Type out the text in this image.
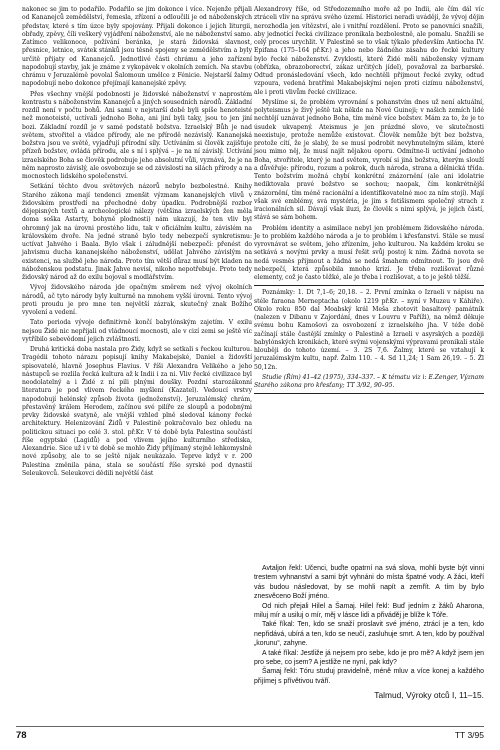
nakonec se jim to podařilo. Podařilo se jim dokonce i více. Nejenže přijali od Kananejců zemědělství, řemesla, zřízení a odloučili je od náboženských představ, které s tím úzce byly spojovány. Přijali dokonce i jejich liturgii, obřady, zpěvy, číli veškerý vyjádření náboženství, ale ne náboženství samo. Zatímco velikonoce, požívání beránka, je stará židovská slavnost, přesnice, letnice, svátek stánků jsou těsně spojeny se zemědělstvím a byly určitě přijaty od Kananejců. Jednotlivé části chrámu a jeho zařízení napodobují stavby, jak je známe z vykopávek v okolních zemích. Na stavbu chrámu v Jeruzalémě povolal Šalomoun umělce z Fénicie. Nejstarší žalmy napodobují nebo dokonce přejímají kananejské zpěvy.

Přes všechny vnější podobnosti je židovské náboženství v naprostém kontrastu s náboženstvím Kananejců a jiných sousedních národů. Základní rozdíl není v počtu bohů. Ani sami v nejstarší době byli spíše henoteisté než monoteisté, uctívali jednoho Boha, ani jiní byli taky, jsou to jen jiní bozi. Základní rozdíl je v samé podstatě božstva. Izraelský Bůh je nad světem, stvořitel a vládce přírody, ale ne přírodě nezávislý. Kananejská božstva jsou ve světě, vyjadřují přírodní síly. Uctíváním si člověk zajišťuje přízeň božstev, ovládá přírodu, ale s ní i splývá – je na ní závislý. Uctívání izraelského Boha se člověk podrobuje jeho absolutní vůli, vyznává, že je na něm naprosto závislý, ale osvobozuje se od závislosti na silách přírody a na mocnostech lidského společenství.

Setkání těchto dvou světových názorů nebylo bezbolestné. Knihy Starého zákona mají tendenci zmenšit výzmam kananejských vlivů v židovském prostředí na přechodné doby úpadku. Podrobnější rozbor dějepisných textů a archeologické nálezy (většina izraelských žen měla doma soška Astarty, bohyně plodnosti) nám ukazují, že ten vliv byl ohromný jak na úrovni prostého lidu, tak v oficiálním kultu, závislém na královském dvoře. Na jedné straně bylo tedy nebezpečí synkretismu: uctívat Jahvého i Baala. Bylo však i záludnější nebezpečí: přenést do jahvismu ducha kananejského náboženství, udělat Jahvého závislým na existenci, na službě jeho národa. Proto tím větší důraz musí být kladen na náboženskou podstatu. Jinak Jahve nevisí, nikoho nepotřebuje. Proto tedy židovský národ až do exilu bojoval s modlářstvím.

Vývoj židovského národa jde opačným směrem než vývoj okolních národů, ač tyto národy byly kulturně na mnohem vyšší úrovni. Tento vývoj proti proudu je pro mne ten největší zázrak, skutečný znak Božího vyvolení a vedení.

Tato perioda vývoje definitivně končí babylónským zajetím. V exilu nejsou Židé nic nepřijali od vládnoucí mocnosti, ale v cizí zemi se ještě víc vytříbilo sebevědomí jejich zvláštnosti.

Druhá kritická doba nastala pro Židy, když se setkali s řeckou kulturou. Tragédii tohoto nárazu popisují knihy Makabejské, Daniel a židovští spisovatelé, hlavně Josephus Flavius. V říši Alexandra Velikého a jeho nástupců se rozlila řecká kultura až k Indii i za ni. Vliv řecké civilizace byl neodolatelný a i Židé z ní pili plnými doušky. Pozdní starozákonní literatura je pod vlivem řeckého myšlení (Kazatel). Vedoucí vrstvy napodobují helénský způsob života (jednoženství). Jeruzalémský chrám, přestavěný králem Herodem, začínou své pilíře ze sloupů a podobnými prvky židovské svatyně, ale vnější vzhled plně sledoval kánony řecké architektury. Helenizování Židů v Palestině pokračovalo bez ohledu na politickou situaci po celé 3. stol. př.Kr. V té době byla Palestina součástí říše egyptské (Lagidů) a pod vlivem jejího kulturního střediska, Alexandrie. Sice už i v té době se mohlo Židy přijímaný stejně lehkomyslně nové způsoby, ale to se ještě nijak neukázalo. Teprve když v r. 200 Palestina změnila pána, stala se součástí říše syrské pod dynastií Seleukovců. Seleukovci dědili největší část

Alexandrovy říše, od Středozemního moře až po Indii, ale čím dál víc ztráceli vliv na správu svého území. Historici neradi uvádějí, že vývoj dějin nerozhodla jen vítězství, ale i vnitřní rozdělení. Proto se panovníci snažili, aby jednotící řecká civilizace pronikala bezbolestně, ale pomalu. Snažili se celý proces urychlit. V Palestině se to však týkalo především Antiocha IV. Epifana (175–164 př.Kr.) a jeho nebo žádného zásahu do řecké kultury bylo řecké náboženství. Zvyklosti, které Židé měli nábožensky význam (obřízka, obrazoborectví, zákaz určitých jídel), považoval za barbarské. Odtud pronásledování všech, kdo nechtěli přijmout řecké zvyky, odtud vzpoura, vedená bratřími Makabejskými nejen proti cizímu náboženství, ale i proti vlivům řecké civilizace.

Myslíme si, že problém vyrovnání s pohanstvím dnes už není aktuální, polyteismus je živý ještě tak někde na Nové Guineji; v našich zemích lidé nechtějí uznávat jednoho Boha, tím méně více božstev. Mám za to, že je to úsudek ukvapený. Ateismus je jen prázdné slovo, ve skutečnosti neexistuje, protože nemůže existovat. Člověk nemůže být bez božstva, protože cítí, že je slabý, že se musí podrobit nevyhnutelným silám, které jsou mimo něj, že musí najít nějakou oporu. Odmítne-li uctívání jednoho Boha, stvořitele, který je nad světem, vyrobí si jiná božstva, kterým slouží a důvěřuje: přírodu, rozum a pokrok, duch národa, strana a dělnická třída. Tento božstvím možná chybí konkrétní znázornění (ale ani idolatrie nediktovala pravé božstvo se sochou; naopak, čím konkrétnější znázornění, tím méně racionální a identifikovatelné moc za ním stojí). Mají však své emblémy, svá mystéria, je jim s fetišismem společný strach z iracionálních sil. Dávají však iluzi, že člověk s nimi splývá, je jejich částí, stává se sám bohem.

Problém identity a asimilace nebyl jen problémem židovského národa. Je to problém každého národa a je to problém i křesťanství. Stále se musí vyrovnávat se světem, jeho zřízením, jeho kulturou. Na každém kroku se setkává s novými prvky a musí řešit svůj postoj k nim. Žádná novota se nedá vesměs přijmout a žádná se nedá šmahem odmítnout. To jsou dvě nebezpečí, která způsobila mnoho krizí. Je třeba rozlišovat různé elementy, což je často těžké, ale je třeba i rozlišovat, a to je ještě těžší.

Poznámky: 1. Dt 7,1–6; 20,18. – 2. První zmínka o Izraeli v nápisu na stéle faraona Merneptacha (okolo 1219 př.Kr. – nyní v Muzeu v Káhiře). Okolo roku 850 dal Moabský král Meša zhotovit basaltový památník (nalezen v Dibanu v Zajordání, dnes v Louvru v Paříži), na němž děkuje svému bohu Kamošovi za osvobození z izraelského jha. V téže době začínají stále častější zmínky o Palestině a Izraeli v asyrských a později babylónských kronikách, které svými vojenskými výpravami pronikali stále hlouběji do tohoto území. – 3. 2S 7,6. Žalmy, které se vztahují k jeruzalémským kultu, např. Žalm 110. – 4. Sd 11,24; 1 Sam 26,19. – 5. Žl 50,12n.

Studie (Řím) 41–42 (1975), 334–337. – K tématu viz i: E.Zenger, Význam Starého zákona pro křesťany; TT 3/92, 90–95.

Avtaljon řekl: Učenci, buďte opatrní na svá slova, mohli byste být vinni trestem vyhnanství a sami být vyhnáni do místa špatné vody. A žáci, kteří vás budou následovat, by se mohli napít a zemřít. A tím by bylo znesvěceno Boží jméno.

Od nich přejali Hilel a Šamaj. Hilel řekl: Buď jedním z žáků Aharona, miluj mír a usiluj o mír, měj v lásce lidi a přiváděj je blíže k Tóře.

Také říkal: Ten, kdo se snaží proslavit své jméno, ztrácí je a ten, kdo nepřidává, ubírá a ten, kdo se neučí, zasluhuje smrt. A ten, kdo by používal „korunu“, zahyne.

A také říkal: Jestliže já nejsem pro sebe, kdo je pro mě? A když jsem jen pro sebe, co jsem? A jestliže ne nyní, pak kdy?

Šamaj řekl: Tóru studuj pravidelně, méně mluv a více konej a každého přijímej s přívětivou tváří.

Talmud, Výroky otců I, 11–15.
78	TT 3/95
